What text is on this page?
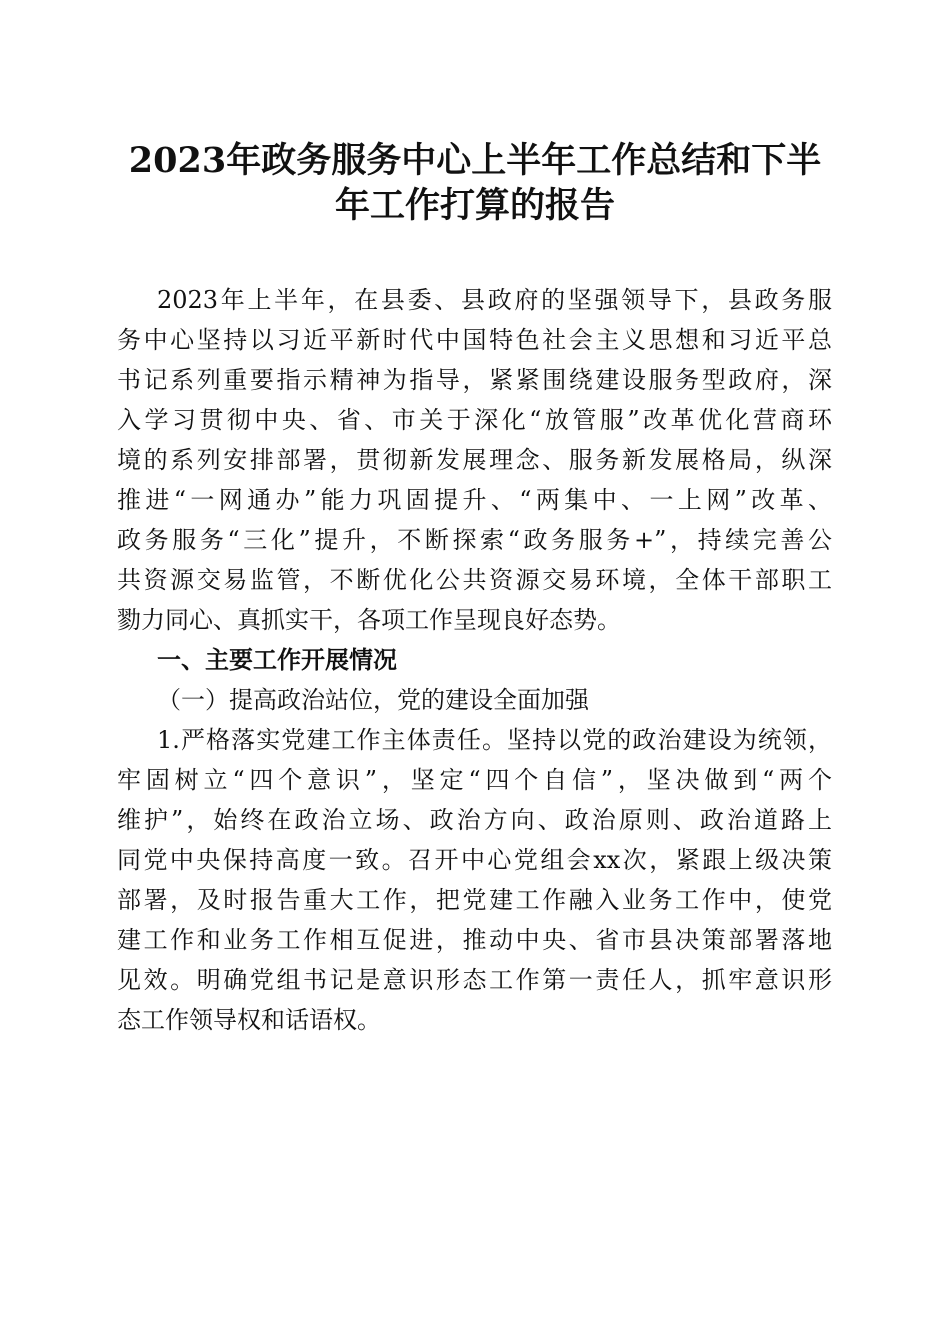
2023年政务服务中心上半年工作总结和下半
年工作打算的报告
2023年上半年，在县委、县政府的坚强领导下，县政务服
务中心坚持以习近平新时代中国特色社会主义思想和习近平总
书记系列重要指示精神为指导，紧紧围绕建设服务型政府，深
入学习贯彻中央、省、市关于深化“放管服”改革优化营商环
境的系列安排部署，贯彻新发展理念、服务新发展格局，纵深
推进“一网通办”能力巩固提升、“两集中、一上网”改革、
政务服务“三化”提升，不断探索“政务服务+”，持续完善公
共资源交易监管，不断优化公共资源交易环境，全体干部职工
勠力同心、真抓实干，各项工作呈现良好态势。
一、主要工作开展情况
（一）提高政治站位，党的建设全面加强
1.严格落实党建工作主体责任。坚持以党的政治建设为统领，
牢固树立“四个意识”，坚定“四个自信”，坚决做到“两个
维护”，始终在政治立场、政治方向、政治原则、政治道路上
同党中央保持高度一致。召开中心党组会xx次，紧跟上级决策
部署，及时报告重大工作，把党建工作融入业务工作中，使党
建工作和业务工作相互促进，推动中央、省市县决策部署落地
见效。明确党组书记是意识形态工作第一责任人，抓牢意识形
态工作领导权和话语权。
